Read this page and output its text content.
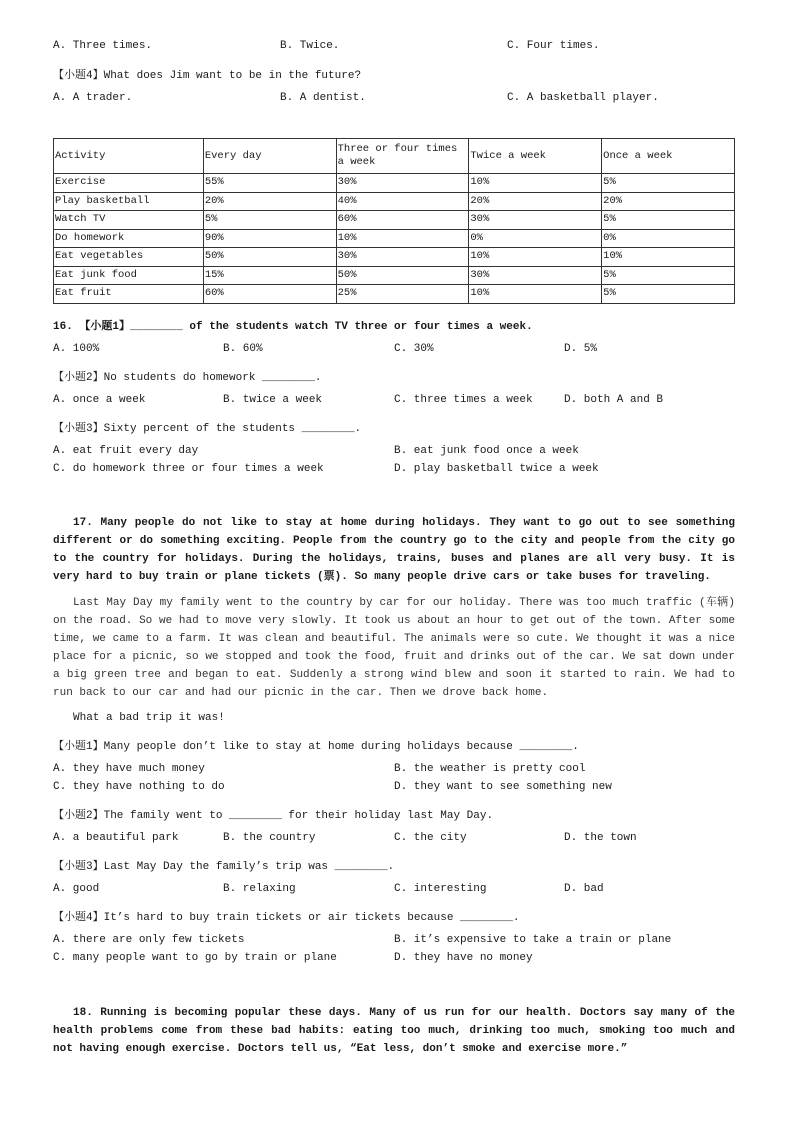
A. Three times.	B. Twice.	C. Four times.
【小题4】What does Jim want to be in the future?
A. A trader.	B. A dentist.	C. A basketball player.
Activity	Every day	Three or four times a week	Twice a week	Once a week
Exercise	55%	30%	10%	5%
Play basketball	20%	40%	20%	20%
Watch TV	5%	60%	30%	5%
Do homework	90%	10%	0%	0%
Eat vegetables	50%	30%	10%	10%
Eat junk food	15%	50%	30%	5%
Eat fruit	60%	25%	10%	5%
16. 【小题1】________ of the students watch TV three or four times a week.
A. 100%	B. 60%	C. 30%	D. 5%
【小题2】No students do homework ________.
A. once a week	B. twice a week	C. three times a week	D. both A and B
【小题3】Sixty percent of the students ________.
A. eat fruit every day	B. eat junk food once a week
C. do homework three or four times a week	D. play basketball twice a week

17. Many people do not like to stay at home during holidays. They want to go out to see something different or do something exciting. People from the country go to the city and people from the city go to the country for holidays. During the holidays, trains, buses and planes are all very busy. It is very hard to buy train or plane tickets (票). So many people drive cars or take buses for traveling.

Last May Day my family went to the country by car for our holiday. There was too much traffic (车辆) on the road. So we had to move very slowly. It took us about an hour to get out of the town. After some time, we came to a farm. It was clean and beautiful. The animals were so cute. We thought it was a nice place for a picnic, so we stopped and took the food, fruit and drinks out of the car. We sat down under a big green tree and began to eat. Suddenly a strong wind blew and soon it started to rain. We had to run back to our car and had our picnic in the car. Then we drove back home.

What a bad trip it was!
【小题1】Many people don’t like to stay at home during holidays because ________.
A. they have much money	B. the weather is pretty cool
C. they have nothing to do	D. they want to see something new
【小题2】The family went to ________ for their holiday last May Day.
A. a beautiful park	B. the country	C. the city	D. the town
【小题3】Last May Day the family’s trip was ________.
A. good	B. relaxing	C. interesting	D. bad
【小题4】It’s hard to buy train tickets or air tickets because ________.
A. there are only few tickets	B. it’s expensive to take a train or plane
C. many people want to go by train or plane	D. they have no money

18. Running is becoming popular these days. Many of us run for our health. Doctors say many of the health problems come from these bad habits: eating too much, drinking too much, smoking too much and not having enough exercise. Doctors tell us, “Eat less, don’t smoke and exercise more.”
